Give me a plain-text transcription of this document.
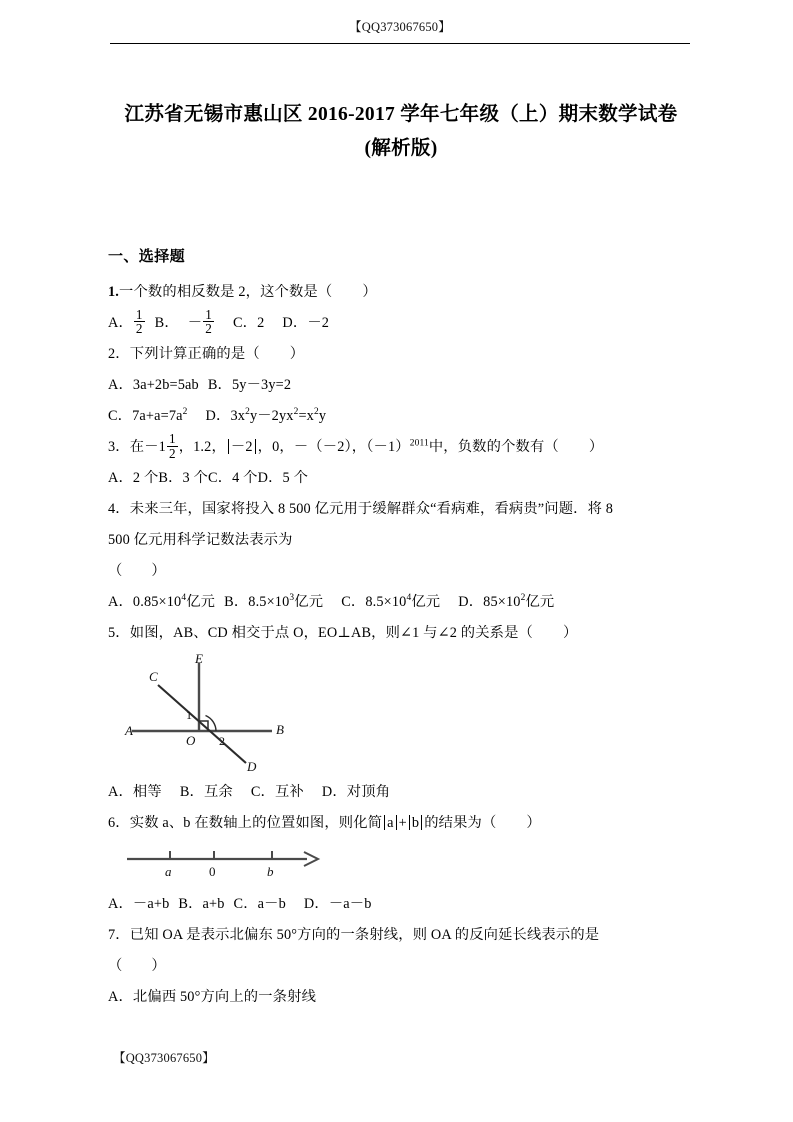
【QQ373067650】
江苏省无锡市惠山区 2016-2017 学年七年级（上）期末数学试卷
(解析版)
一、选择题
1.一个数的相反数是 2，这个数是（ ）
A． $\frac{1}{2}$ B． － $\frac{1}{2}$ C．2 D．－2
2．下列计算正确的是（ ）
A．3a+2b=5ab B．5y－3y=2
C．$7a+a=7a^2$ D．$3x^2y-2yx^2=x^2y$
3．在$-1 \frac{1}{2}$ ，1.2， －2 ，0，－（－2），$(-1)^{2011}$中，负数的个数有（ ）
A．2 个B．3 个C．4 个D．5 个
4．未来三年，国家将投入 8 500 亿元用于缓解群众“看病难，看病贵”问题．将 8
500 亿元用科学记数法表示为
（　　）
A．$0.85\times 10^4$亿元 B．$8.5\times 10^3$亿元 C．$8.5\times 10^4$亿元 D．$85\times 10^2$亿元
5．如图，AB、CD 相交于点 O，EO⊥AB，则∠1 与∠2 的关系是（ ）
A	B
C
D
E
O
1
2
A．相等 B．互余 C．互补 D．对顶角
6．实数 a、b 在数轴上的位置如图，则化简 a + b 的结果为（ ）
a	0	b
A．－a+b B．a+b C．a－b D．－a－b
7．已知 OA 是表示北偏东 50°方向的一条射线，则 OA 的反向延长线表示的是
（　　）
A．北偏西 50°方向上的一条射线
【QQ373067650】
